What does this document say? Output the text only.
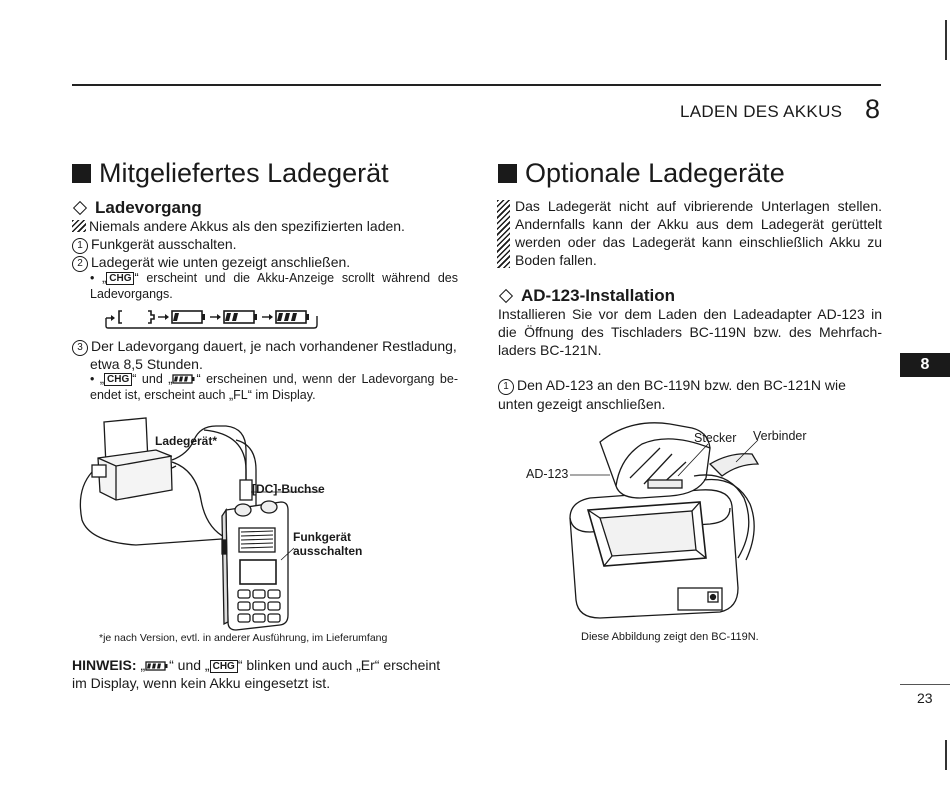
LADEN DES AKKUS 8
8
23
Mitgeliefertes Ladegerät
Ladevorgang
Niemals andere Akkus als den spezifizierten laden.
1 Funkgerät ausschalten.
2 Ladegerät wie unten gezeigt anschließen.
• „ CHG “ erscheint und die Akku-Anzeige scrollt während des Ladevorgangs.
3 Der Ladevorgang dauert, je nach vorhandener Restladung,
etwa 8,5 Stunden.
• „ CHG “ und „ “ erscheinen und, wenn der Ladevorgang be-endet ist, erscheint auch „FL“ im Display.
Ladegerät*
[DC]-Buchse
Funkgerät
ausschalten
*je nach Version, evtl. in anderer Ausführung, im Lieferumfang
HINWEIS: „ “ und „ CHG “ blinken und auch „Er“ erscheint
im Display, wenn kein Akku eingesetzt ist.
Optionale Ladegeräte
Das Ladegerät nicht auf vibrierende Unterlagen stellen. Andernfalls kann der Akku aus dem Ladegerät gerüttelt werden oder das Ladegerät kann einschließlich Akku zu Boden fallen.
AD-123-Installation
Installieren Sie vor dem Laden den Ladeadapter AD-123 in die Öffnung des Tischladers BC-119N bzw. des Mehrfach-laders BC-121N.
1 Den AD-123 an den BC-119N bzw. den BC-121N wie unten gezeigt anschließen.
AD-123
Stecker Verbinder
Diese Abbildung zeigt den BC-119N.
